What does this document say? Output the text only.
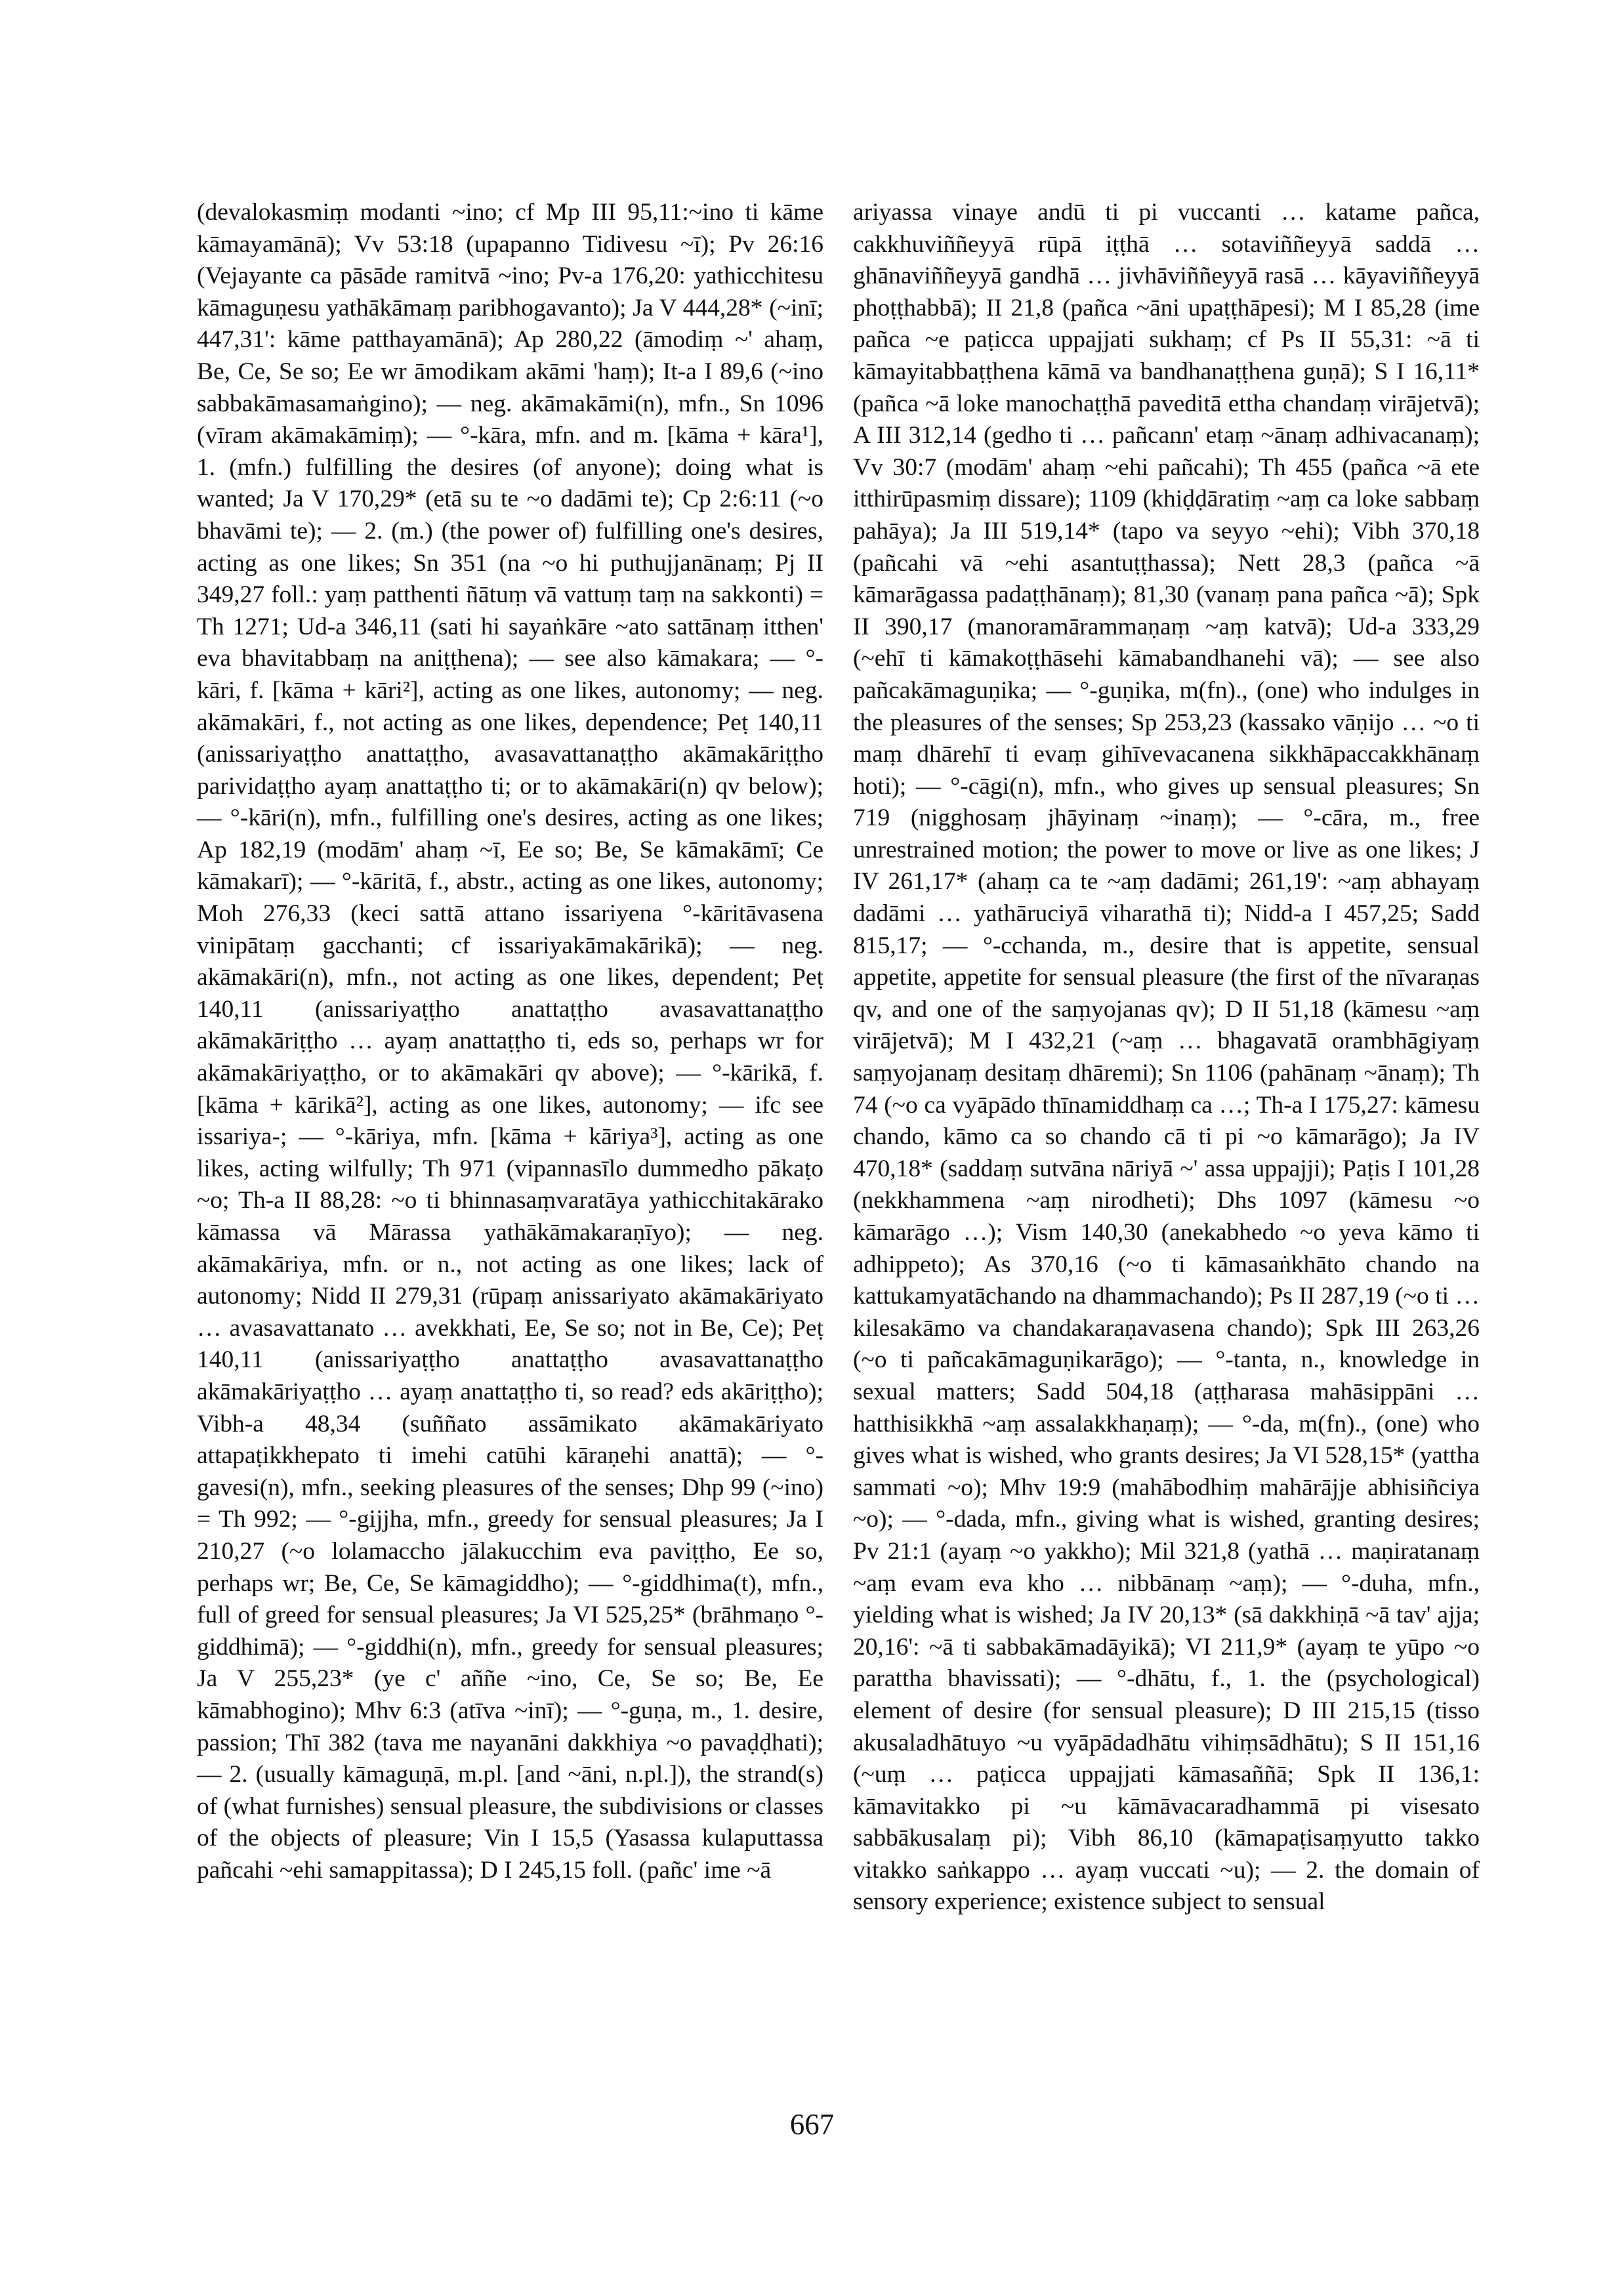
(devalokasmiṃ modanti ~ino; cf Mp III 95,11:~ino ti kāme kāmayamānā); Vv 53:18 (upapanno Tidivesu ~ī); Pv 26:16 (Vejayante ca pāsāde ramitvā ~ino; Pv-a 176,20: yathicchitesu kāmaguṇesu yathākāmaṃ paribhogavanto); Ja V 444,28* (~inī; 447,31': kāme patthayamānā); Ap 280,22 (āmodiṃ ~' ahaṃ, Be, Ce, Se so; Ee wr āmodikam akāmi 'haṃ); It-a I 89,6 (~ino sabbakāmasamaṅgino); — neg. akāmakāmi(n), mfn., Sn 1096 (vīram akāmakāmiṃ); — °-kāra, mfn. and m. [kāma + kāra¹], 1. (mfn.) fulfilling the desires (of anyone); doing what is wanted; Ja V 170,29* (etā su te ~o dadāmi te); Cp 2:6:11 (~o bhavāmi te); — 2. (m.) (the power of) fulfilling one's desires, acting as one likes; Sn 351 (na ~o hi puthujjanānaṃ; Pj II 349,27 foll.: yaṃ patthenti ñātuṃ vā vattuṃ taṃ na sakkonti) = Th 1271; Ud-a 346,11 (sati hi sayaṅkāre ~ato sattānaṃ itthen' eva bhavitabbaṃ na aniṭṭhena); — see also kāmakara; — °-kāri, f. [kāma + kāri²], acting as one likes, autonomy; — neg. akāmakāri, f., not acting as one likes, dependence; Peṭ 140,11 (anissariyaṭṭho anattaṭṭho, avasavattanaṭṭho akāmakāriṭṭho parividaṭṭho ayaṃ anattaṭṭho ti; or to akāmakāri(n) qv below); — °-kāri(n), mfn., fulfilling one's desires, acting as one likes; Ap 182,19 (modām' ahaṃ ~ī, Ee so; Be, Se kāmakāmī; Ce kāmakarī); — °-kāritā, f., abstr., acting as one likes, autonomy; Moh 276,33 (keci sattā attano issariyena °-kāritāvasena vinipātaṃ gacchanti; cf issariyakāmakārikā); — neg. akāmakāri(n), mfn., not acting as one likes, dependent; Peṭ 140,11 (anissariyaṭṭho anattaṭṭho avasavattanaṭṭho akāmakāriṭṭho … ayaṃ anattaṭṭho ti, eds so, perhaps wr for akāmakāriyaṭṭho, or to akāmakāri qv above); — °-kārikā, f. [kāma + kārikā²], acting as one likes, autonomy; — ifc see issariya-; — °-kāriya, mfn. [kāma + kāriya³], acting as one likes, acting wilfully; Th 971 (vipannasīlo dummedho pākaṭo ~o; Th-a II 88,28: ~o ti bhinnasaṃvaratāya yathicchitakārako kāmassa vā Mārassa yathākāmakaraṇīyo); — neg. akāmakāriya, mfn. or n., not acting as one likes; lack of autonomy; Nidd II 279,31 (rūpaṃ anissariyato akāmakāriyato … avasavattanato … avekkhati, Ee, Se so; not in Be, Ce); Peṭ 140,11 (anissariyaṭṭho anattaṭṭho avasavattanaṭṭho akāmakāriyaṭṭho … ayaṃ anattaṭṭho ti, so read? eds akāriṭṭho); Vibh-a 48,34 (suññato assāmikato akāmakāriyato attapaṭikkhepato ti imehi catūhi kāraṇehi anattā); — °-gavesi(n), mfn., seeking pleasures of the senses; Dhp 99 (~ino) = Th 992; — °-gijjha, mfn., greedy for sensual pleasures; Ja I 210,27 (~o lolamaccho jālakucchim eva paviṭṭho, Ee so, perhaps wr; Be, Ce, Se kāmagiddho); — °-giddhima(t), mfn., full of greed for sensual pleasures; Ja VI 525,25* (brāhmaṇo °-giddhimā); — °-giddhi(n), mfn., greedy for sensual pleasures; Ja V 255,23* (ye c' aññe ~ino, Ce, Se so; Be, Ee kāmabhogino); Mhv 6:3 (atīva ~inī); — °-guṇa, m., 1. desire, passion; Thī 382 (tava me nayanāni dakkhiya ~o pavaḍḍhati); — 2. (usually kāmaguṇā, m.pl. [and ~āni, n.pl.]), the strand(s) of (what furnishes) sensual pleasure, the subdivisions or classes of the objects of pleasure; Vin I 15,5 (Yasassa kulaputtassa pañcahi ~ehi samappitassa); D I 245,15 foll. (pañc' ime ~ā

ariyassa vinaye andū ti pi vuccanti … katame pañca, cakkhuviññeyyā rūpā iṭṭhā … sotaviññeyyā saddā … ghānaviññeyyā gandhā … jivhāviññeyyā rasā … kāyaviññeyyā phoṭṭhabbā); II 21,8 (pañca ~āni upaṭṭhāpesi); M I 85,28 (ime pañca ~e paṭicca uppajjati sukhaṃ; cf Ps II 55,31: ~ā ti kāmayitabbaṭṭhena kāmā va bandhanaṭṭhena guṇā); S I 16,11* (pañca ~ā loke manochaṭṭhā paveditā ettha chandaṃ virājetvā); A III 312,14 (gedho ti … pañcann' etaṃ ~ānaṃ adhivacanaṃ); Vv 30:7 (modām' ahaṃ ~ehi pañcahi); Th 455 (pañca ~ā ete itthirūpasmiṃ dissare); 1109 (khiḍḍāratiṃ ~aṃ ca loke sabbaṃ pahāya); Ja III 519,14* (tapo va seyyo ~ehi); Vibh 370,18 (pañcahi vā ~ehi asantuṭṭhassa); Nett 28,3 (pañca ~ā kāmarāgassa padaṭṭhānaṃ); 81,30 (vanaṃ pana pañca ~ā); Spk II 390,17 (manoramārammaṇaṃ ~aṃ katvā); Ud-a 333,29 (~ehī ti kāmakoṭṭhāsehi kāmabandhanehi vā); — see also pañcakāmaguṇika; — °-guṇika, m(fn)., (one) who indulges in the pleasures of the senses; Sp 253,23 (kassako vāṇijo … ~o ti maṃ dhārehī ti evaṃ gihīvevacanena sikkhāpaccakkhānaṃ hoti); — °-cāgi(n), mfn., who gives up sensual pleasures; Sn 719 (nigghosaṃ jhāyinaṃ ~inaṃ); — °-cāra, m., free unrestrained motion; the power to move or live as one likes; J IV 261,17* (ahaṃ ca te ~aṃ dadāmi; 261,19': ~aṃ abhayaṃ dadāmi … yathāruciyā viharathā ti); Nidd-a I 457,25; Sadd 815,17; — °-cchanda, m., desire that is appetite, sensual appetite, appetite for sensual pleasure (the first of the nīvaraṇas qv, and one of the saṃyojanas qv); D II 51,18 (kāmesu ~aṃ virājetvā); M I 432,21 (~aṃ … bhagavatā orambhāgiyaṃ saṃyojanaṃ desitaṃ dhāremi); Sn 1106 (pahānaṃ ~ānaṃ); Th 74 (~o ca vyāpādo thīnamiddhaṃ ca …; Th-a I 175,27: kāmesu chando, kāmo ca so chando cā ti pi ~o kāmarāgo); Ja IV 470,18* (saddaṃ sutvāna nāriyā ~' assa uppajji); Paṭis I 101,28 (nekkhammena ~aṃ nirodheti); Dhs 1097 (kāmesu ~o kāmarāgo …); Vism 140,30 (anekabhedo ~o yeva kāmo ti adhippeto); As 370,16 (~o ti kāmasaṅkhāto chando na kattukamyatāchando na dhammachando); Ps II 287,19 (~o ti … kilesakāmo va chandakaraṇavasena chando); Spk III 263,26 (~o ti pañcakāmaguṇikarāgo); — °-tanta, n., knowledge in sexual matters; Sadd 504,18 (aṭṭharasa mahāsippāni … hatthisikkhā ~aṃ assalakkhaṇaṃ); — °-da, m(fn)., (one) who gives what is wished, who grants desires; Ja VI 528,15* (yattha sammati ~o); Mhv 19:9 (mahābodhiṃ mahārājje abhisiñciya ~o); — °-dada, mfn., giving what is wished, granting desires; Pv 21:1 (ayaṃ ~o yakkho); Mil 321,8 (yathā … maṇiratanaṃ ~aṃ evam eva kho … nibbānaṃ ~aṃ); — °-duha, mfn., yielding what is wished; Ja IV 20,13* (sā dakkhiṇā ~ā tav' ajja; 20,16': ~ā ti sabbakāmadāyikā); VI 211,9* (ayaṃ te yūpo ~o parattha bhavissati); — °-dhātu, f., 1. the (psychological) element of desire (for sensual pleasure); D III 215,15 (tisso akusaladhātuyo ~u vyāpādadhātu vihiṃsādhātu); S II 151,16 (~uṃ … paṭicca uppajjati kāmasaññā; Spk II 136,1: kāmavitakko pi ~u kāmāvacaradhammā pi visesato sabbākusalaṃ pi); Vibh 86,10 (kāmapaṭisaṃyutto takko vitakko saṅkappo … ayaṃ vuccati ~u); — 2. the domain of sensory experience; existence subject to sensual

667
